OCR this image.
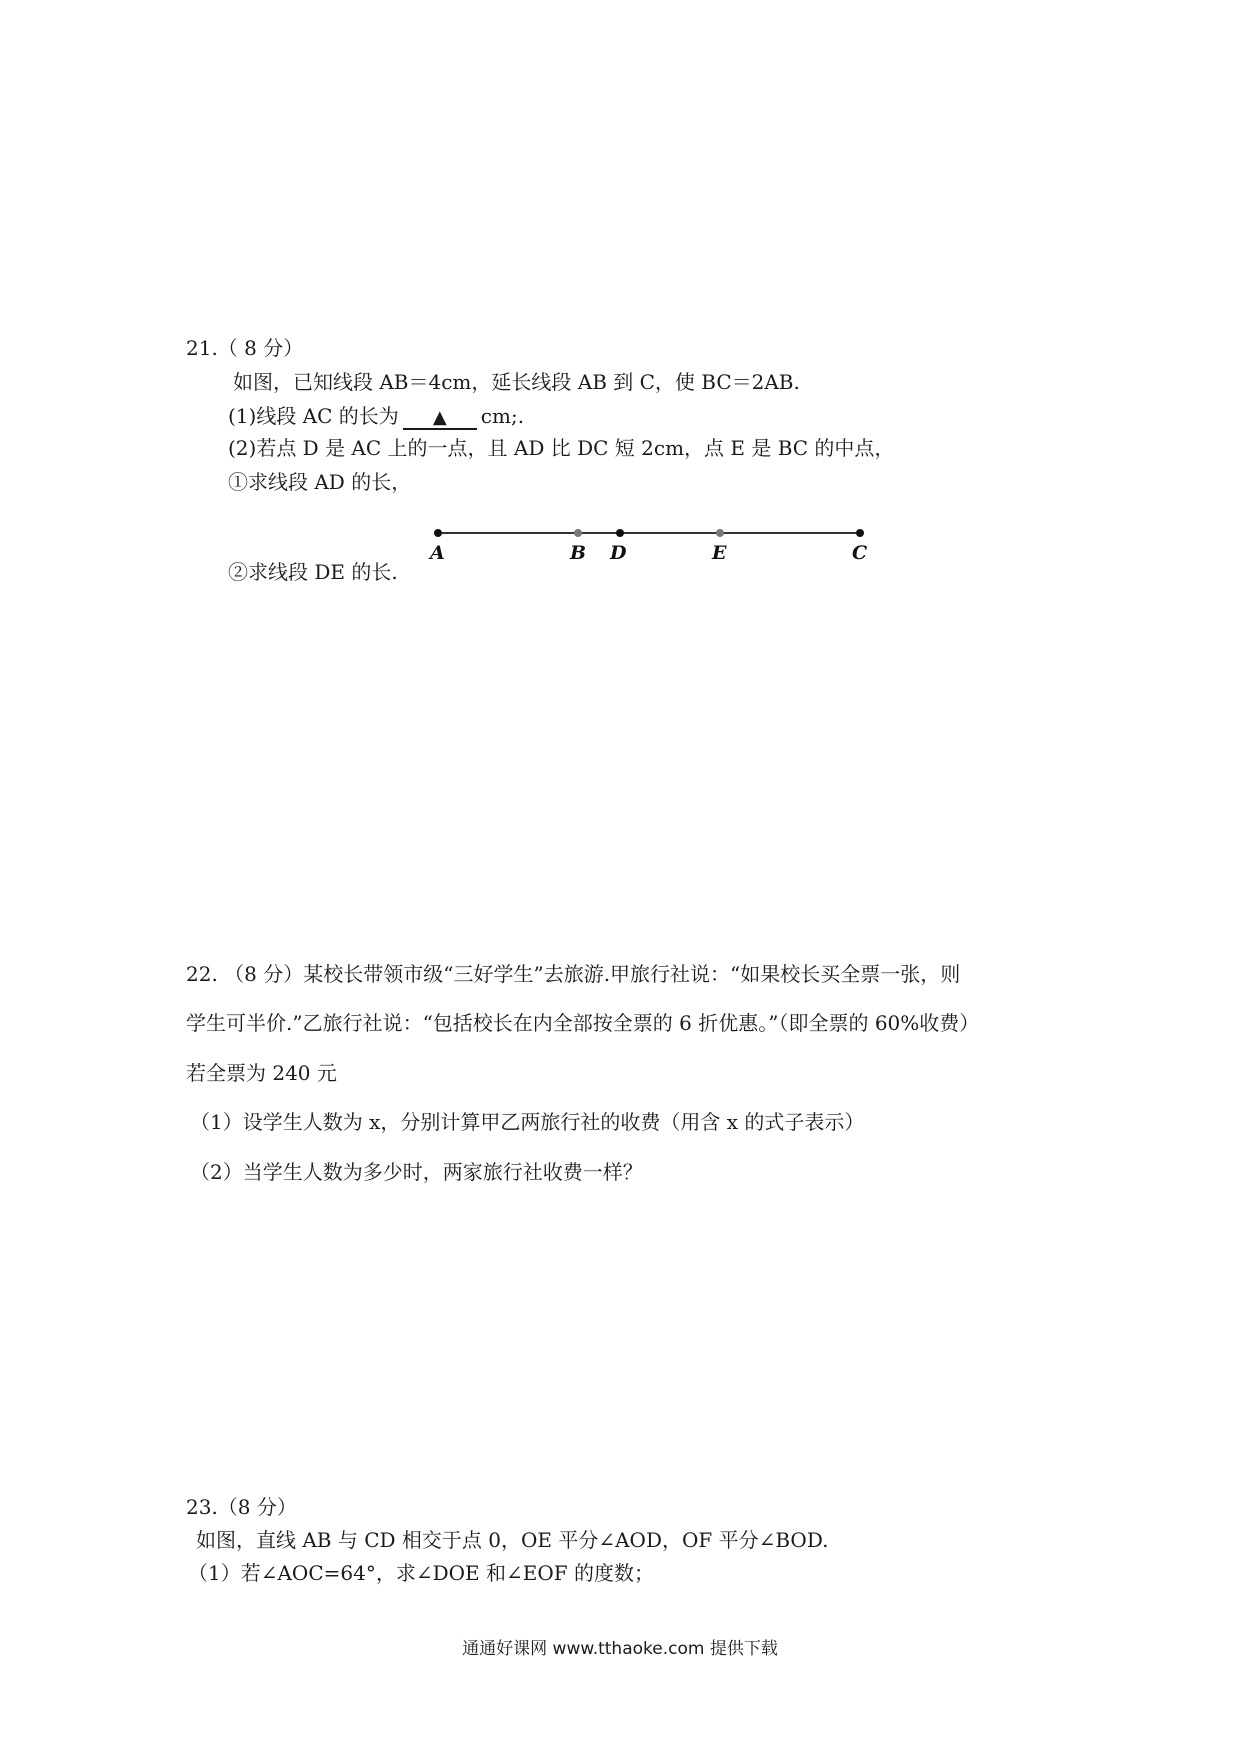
21.（ 8 分）
如图，已知线段 AB＝4cm，延长线段 AB 到 C，使 BC＝2AB.
(1)线段 AC 的长为 ▲ cm;.
(2)若点 D 是 AC 上的一点，且 AD 比 DC 短 2cm，点 E 是 BC 的中点，
①求线段 AD 的长，
②求线段 DE 的长.
A	B D	E	C
22. （8 分）某校长带领市级“三好学生”去旅游.甲旅行社说：“如果校长买全票一张，则
学生可半价.”乙旅行社说：“包括校长在内全部按全票的 6 折优惠。”（即全票的 60%收费）
若全票为 240 元
（1）设学生人数为 x，分别计算甲乙两旅行社的收费（用含 x 的式子表示）
（2）当学生人数为多少时，两家旅行社收费一样？
23.（8 分）
如图，直线 AB 与 CD 相交于点 0，OE 平分∠AOD，OF 平分∠BOD.
（1）若∠AOC=64°，求∠DOE 和∠EOF 的度数；
通通好课网 www.tthaoke.com 提供下载
